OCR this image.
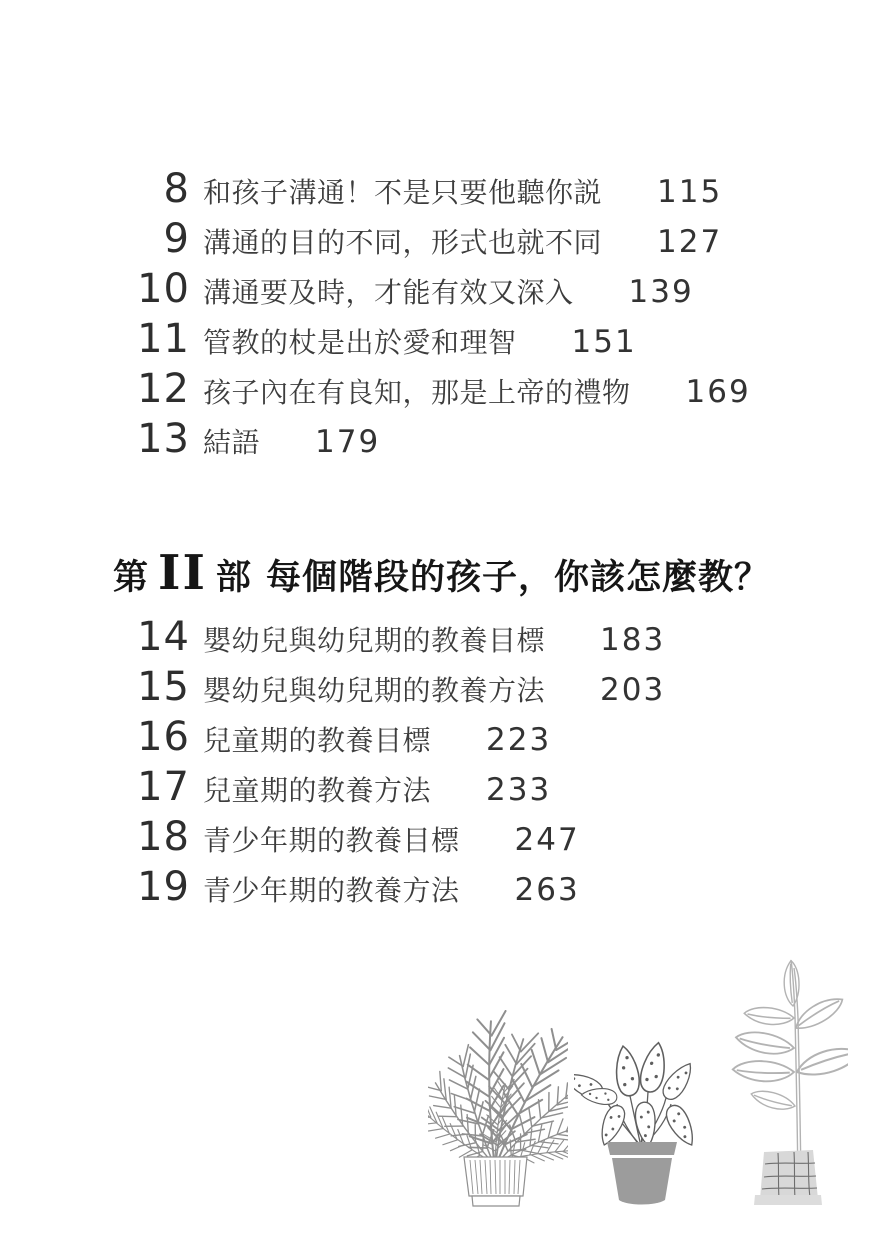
8 和孩子溝通！不是只要他聽你説 115
9 溝通的目的不同，形式也就不同 127
10 溝通要及時，才能有效又深入 139
11 管教的杖是出於愛和理智 151
12 孩子內在有良知，那是上帝的禮物 169
13 結語 179
第 II 部 每個階段的孩子，你該怎麼教？
14 嬰幼兒與幼兒期的教養目標 183
15 嬰幼兒與幼兒期的教養方法 203
16 兒童期的教養目標 223
17 兒童期的教養方法 233
18 青少年期的教養目標 247
19 青少年期的教養方法 263
